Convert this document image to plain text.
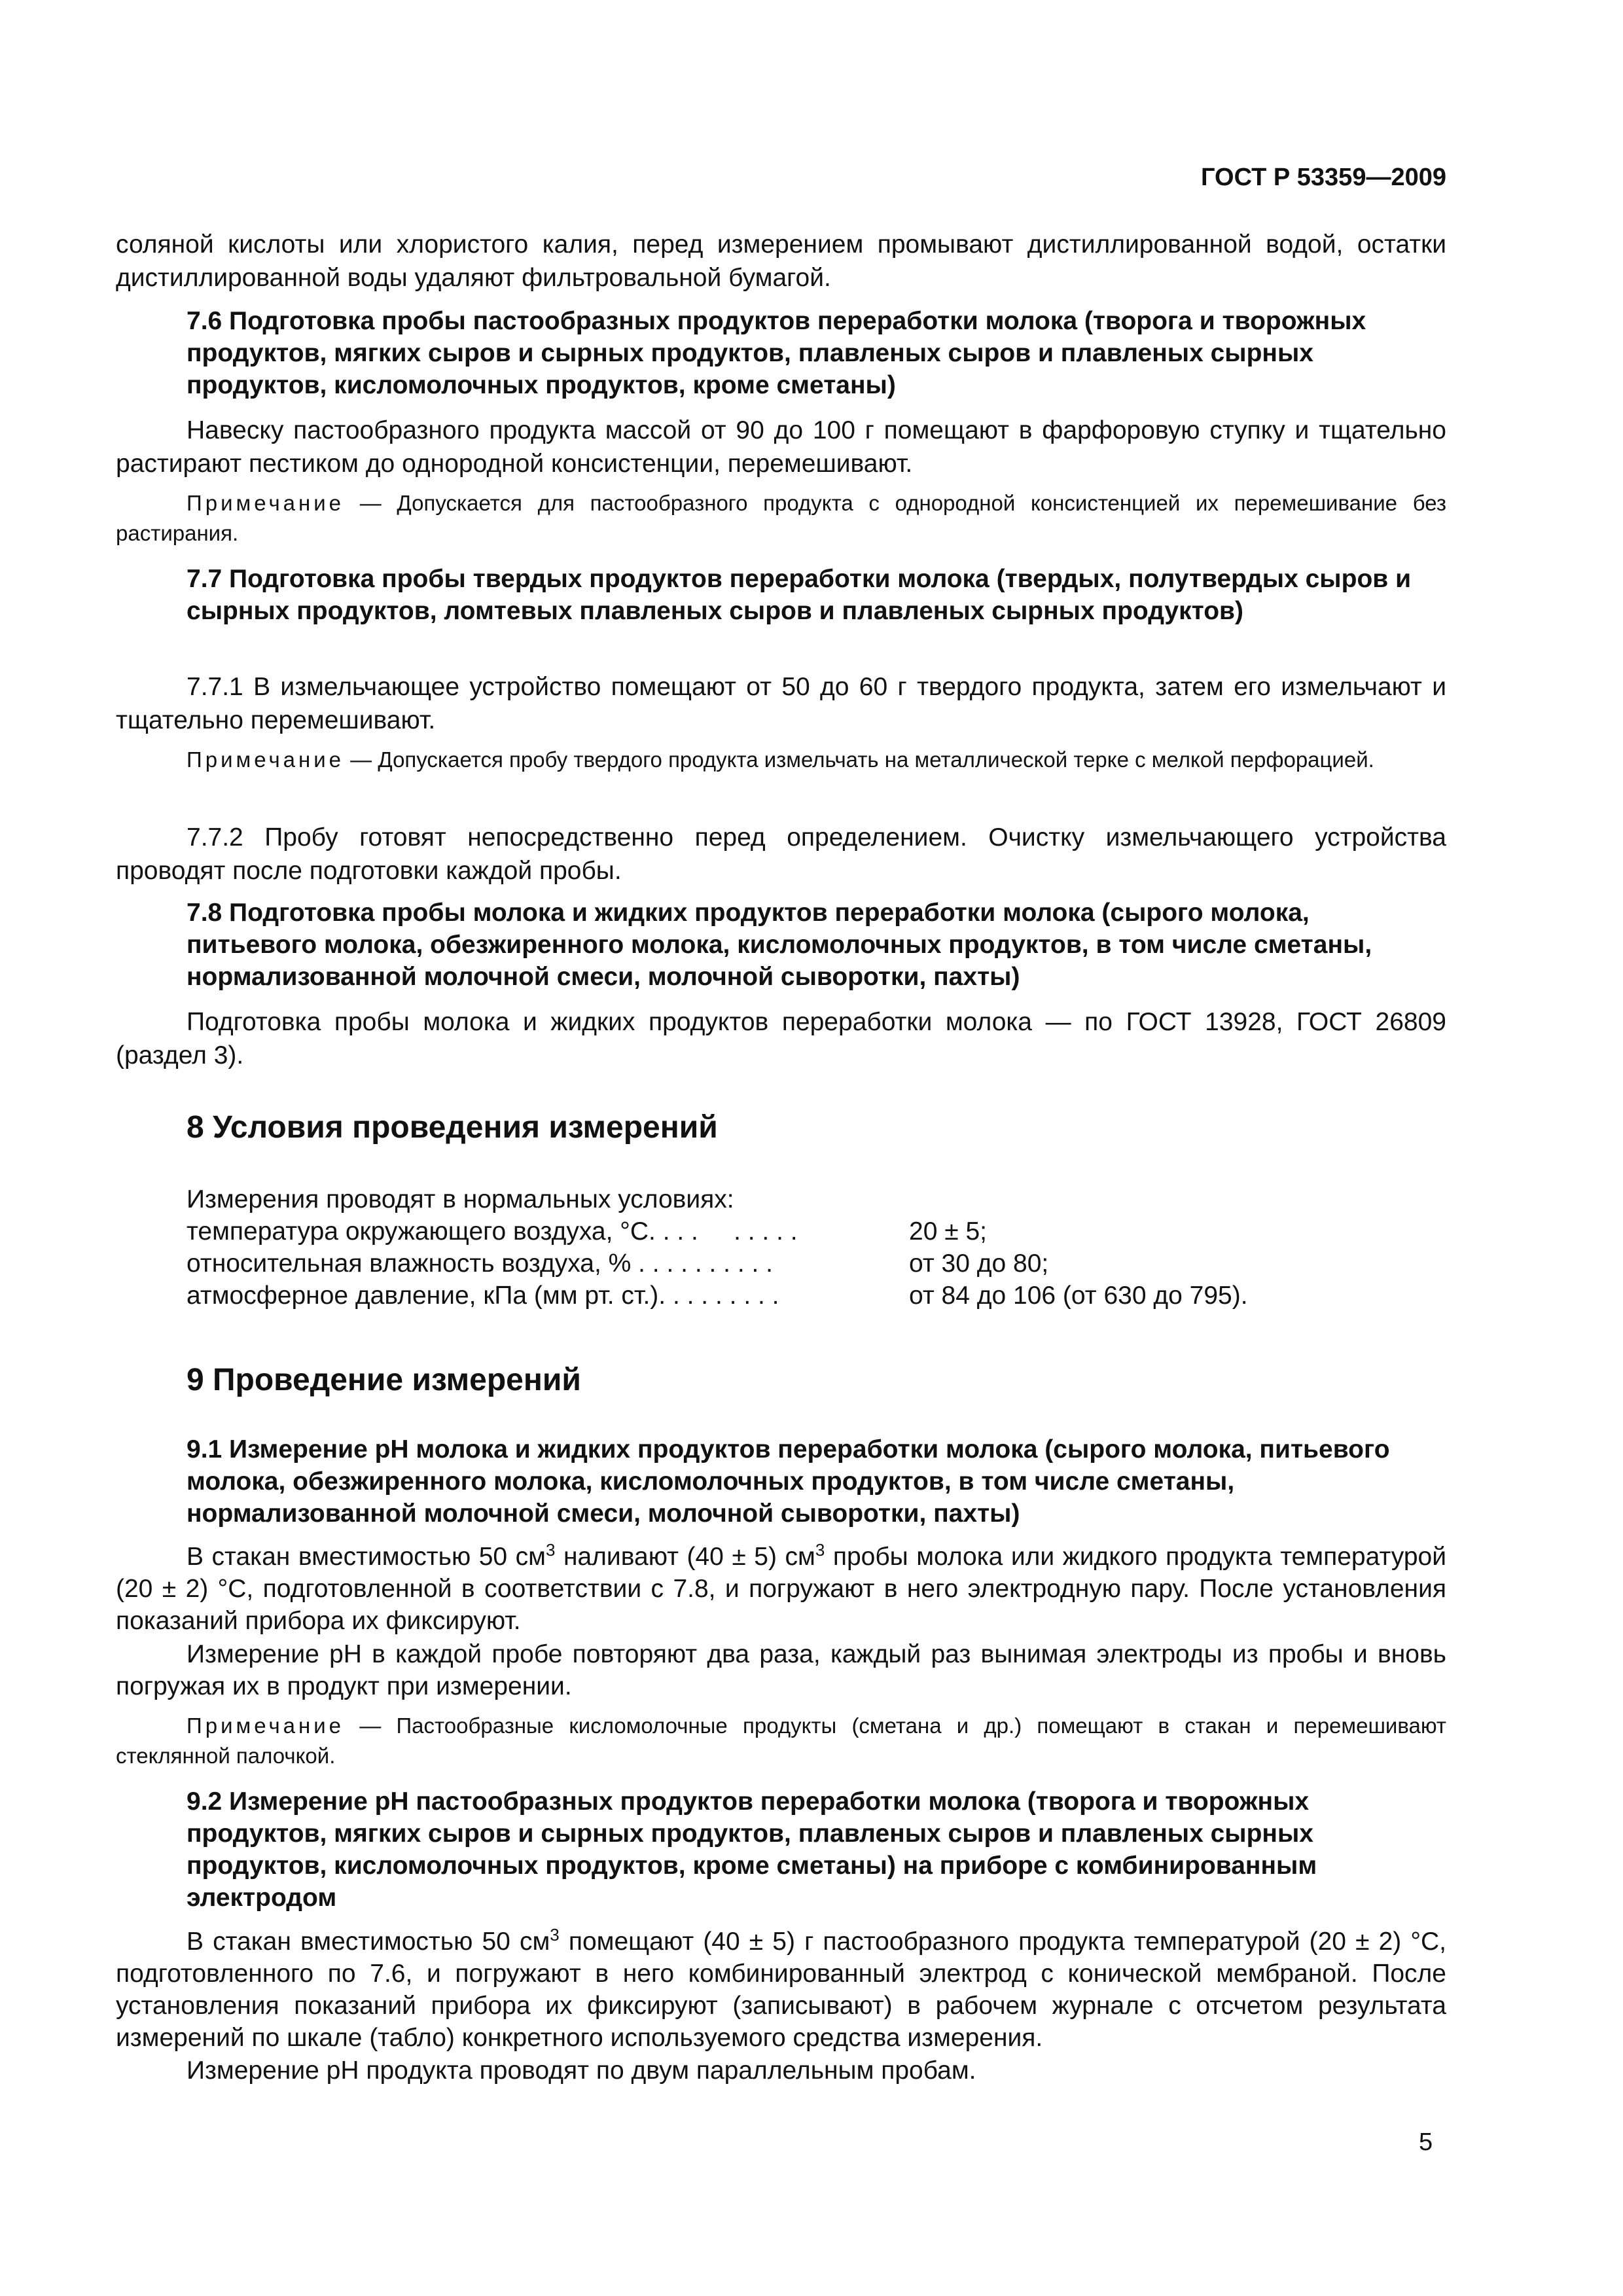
ГОСТ Р 53359—2009

соляной кислоты или хлористого калия, перед измерением промывают дистиллированной водой, остатки дистиллированной воды удаляют фильтровальной бумагой.

7.6 Подготовка пробы пастообразных продуктов переработки молока (творога и творожных продуктов, мягких сыров и сырных продуктов, плавленых сыров и плавленых сырных продуктов, кисломолочных продуктов, кроме сметаны)

Навеску пастообразного продукта массой от 90 до 100 г помещают в фарфоровую ступку и тщательно растирают пестиком до однородной консистенции, перемешивают.

Примечание — Допускается для пастообразного продукта с однородной консистенцией их перемешивание без растирания.

7.7 Подготовка пробы твердых продуктов переработки молока (твердых, полутвердых сыров и сырных продуктов, ломтевых плавленых сыров и плавленых сырных продуктов)

7.7.1 В измельчающее устройство помещают от 50 до 60 г твердого продукта, затем его измельчают и тщательно перемешивают.

Примечание — Допускается пробу твердого продукта измельчать на металлической терке с мелкой перфорацией.

7.7.2 Пробу готовят непосредственно перед определением. Очистку измельчающего устройства проводят после подготовки каждой пробы.

7.8 Подготовка пробы молока и жидких продуктов переработки молока (сырого молока, питьевого молока, обезжиренного молока, кисломолочных продуктов, в том числе сметаны, нормализованной молочной смеси, молочной сыворотки, пахты)

Подготовка пробы молока и жидких продуктов переработки молока — по ГОСТ 13928, ГОСТ 26809 (раздел 3).

8 Условия проведения измерений

Измерения проводят в нормальных условиях:

температура окружающего воздуха, °С. . . .     . . . . .	20 ± 5;
относительная влажность воздуха, % . . . . . . . . . .	от 30 до 80;
атмосферное давление, кПа (мм рт. ст.). . . . . . . . .	от 84 до 106 (от 630 до 795).

9 Проведение измерений

9.1 Измерение рН молока и жидких продуктов переработки молока (сырого молока, питьевого молока, обезжиренного молока, кисломолочных продуктов, в том числе сметаны, нормализованной молочной смеси, молочной сыворотки, пахты)

В стакан вместимостью 50 $см^3$ наливают (40 ± 5) $см^3$ пробы молока или жидкого продукта температурой (20 ± 2) °С, подготовленной в соответствии с 7.8, и погружают в него электродную пару. После установления показаний прибора их фиксируют.

Измерение рН в каждой пробе повторяют два раза, каждый раз вынимая электроды из пробы и вновь погружая их в продукт при измерении.

Примечание — Пастообразные кисломолочные продукты (сметана и др.) помещают в стакан и перемешивают стеклянной палочкой.

9.2 Измерение рН пастообразных продуктов переработки молока (творога и творожных продуктов, мягких сыров и сырных продуктов, плавленых сыров и плавленых сырных продуктов, кисломолочных продуктов, кроме сметаны) на приборе с комбинированным электродом

В стакан вместимостью 50 $см^3$ помещают (40 ± 5) г пастообразного продукта температурой (20 ± 2) °С, подготовленного по 7.6, и погружают в него комбинированный электрод с конической мембраной. После установления показаний прибора их фиксируют (записывают) в рабочем журнале с отсчетом результата измерений по шкале (табло) конкретного используемого средства измерения.

Измерение рН продукта проводят по двум параллельным пробам.

5
